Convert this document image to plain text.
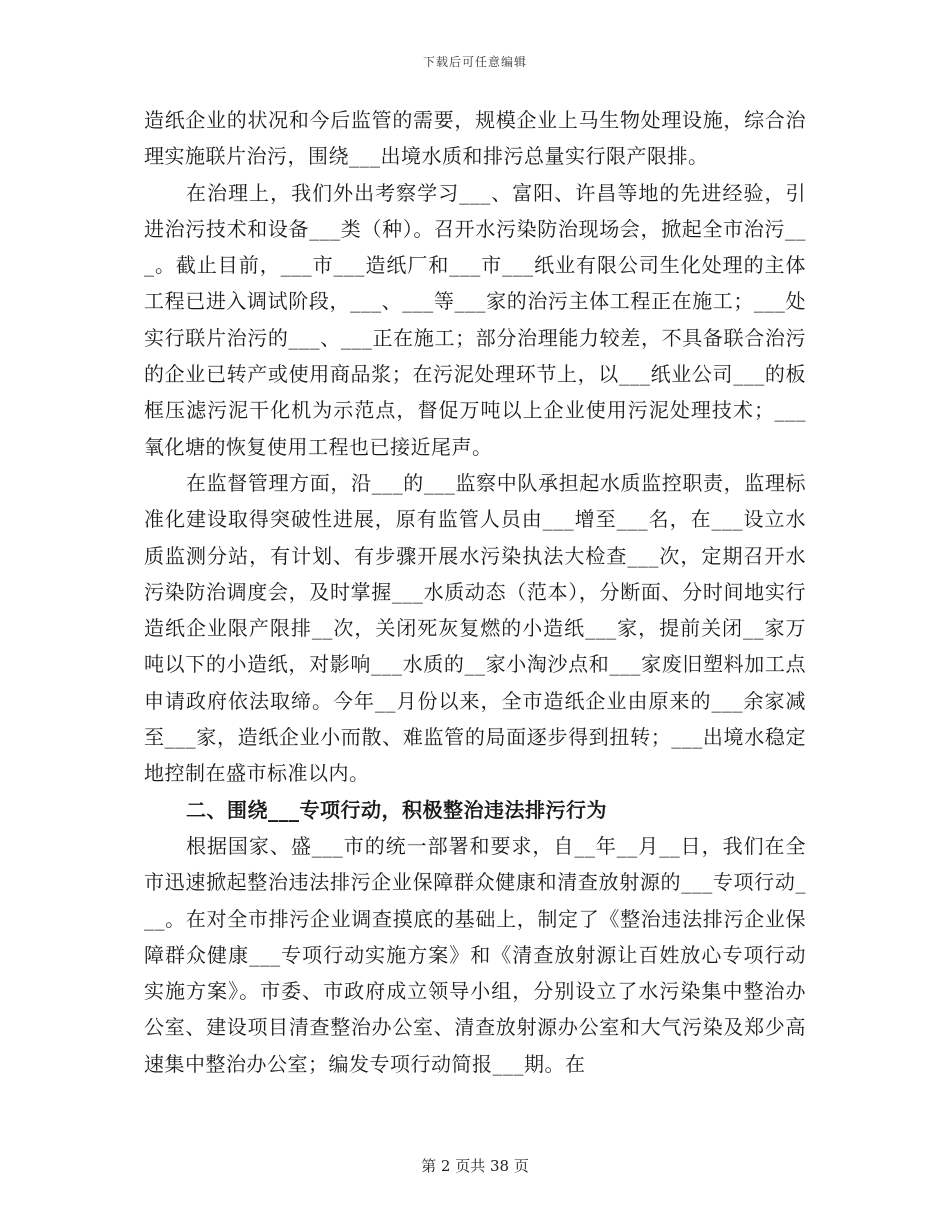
下载后可任意编辑

造纸企业的状况和今后监管的需要，规模企业上马生物处理设施，综合治理实施联片治污，围绕___出境水质和排污总量实行限产限排。

在治理上，我们外出考察学习___、富阳、许昌等地的先进经验，引进治污技术和设备___类（种）。召开水污染防治现场会，掀起全市治污___。截止目前，___市___造纸厂和___市___纸业有限公司生化处理的主体工程已进入调试阶段，___、___等___家的治污主体工程正在施工；___处实行联片治污的___、___正在施工；部分治理能力较差，不具备联合治污的企业已转产或使用商品浆；在污泥处理环节上，以___纸业公司___的板框压滤污泥干化机为示范点，督促万吨以上企业使用污泥处理技术；___氧化塘的恢复使用工程也已接近尾声。

在监督管理方面，沿___的___监察中队承担起水质监控职责，监理标准化建设取得突破性进展，原有监管人员由___增至___名，在___设立水质监测分站，有计划、有步骤开展水污染执法大检查___次，定期召开水污染防治调度会，及时掌握___水质动态（范本），分断面、分时间地实行造纸企业限产限排__次，关闭死灰复燃的小造纸___家，提前关闭__家万吨以下的小造纸，对影响___水质的__家小淘沙点和___家废旧塑料加工点申请政府依法取缔。今年__月份以来，全市造纸企业由原来的___余家减至___家，造纸企业小而散、难监管的局面逐步得到扭转；___出境水稳定地控制在盛市标准以内。

二、围绕___专项行动，积极整治违法排污行为

根据国家、盛___市的统一部署和要求，自__年__月__日，我们在全市迅速掀起整治违法排污企业保障群众健康和清查放射源的___专项行动___。在对全市排污企业调查摸底的基础上，制定了《整治违法排污企业保障群众健康___专项行动实施方案》和《清查放射源让百姓放心专项行动实施方案》。市委、市政府成立领导小组，分别设立了水污染集中整治办公室、建设项目清查整治办公室、清查放射源办公室和大气污染及郑少高速集中整治办公室；编发专项行动简报___期。在

第 2 页共 38 页
